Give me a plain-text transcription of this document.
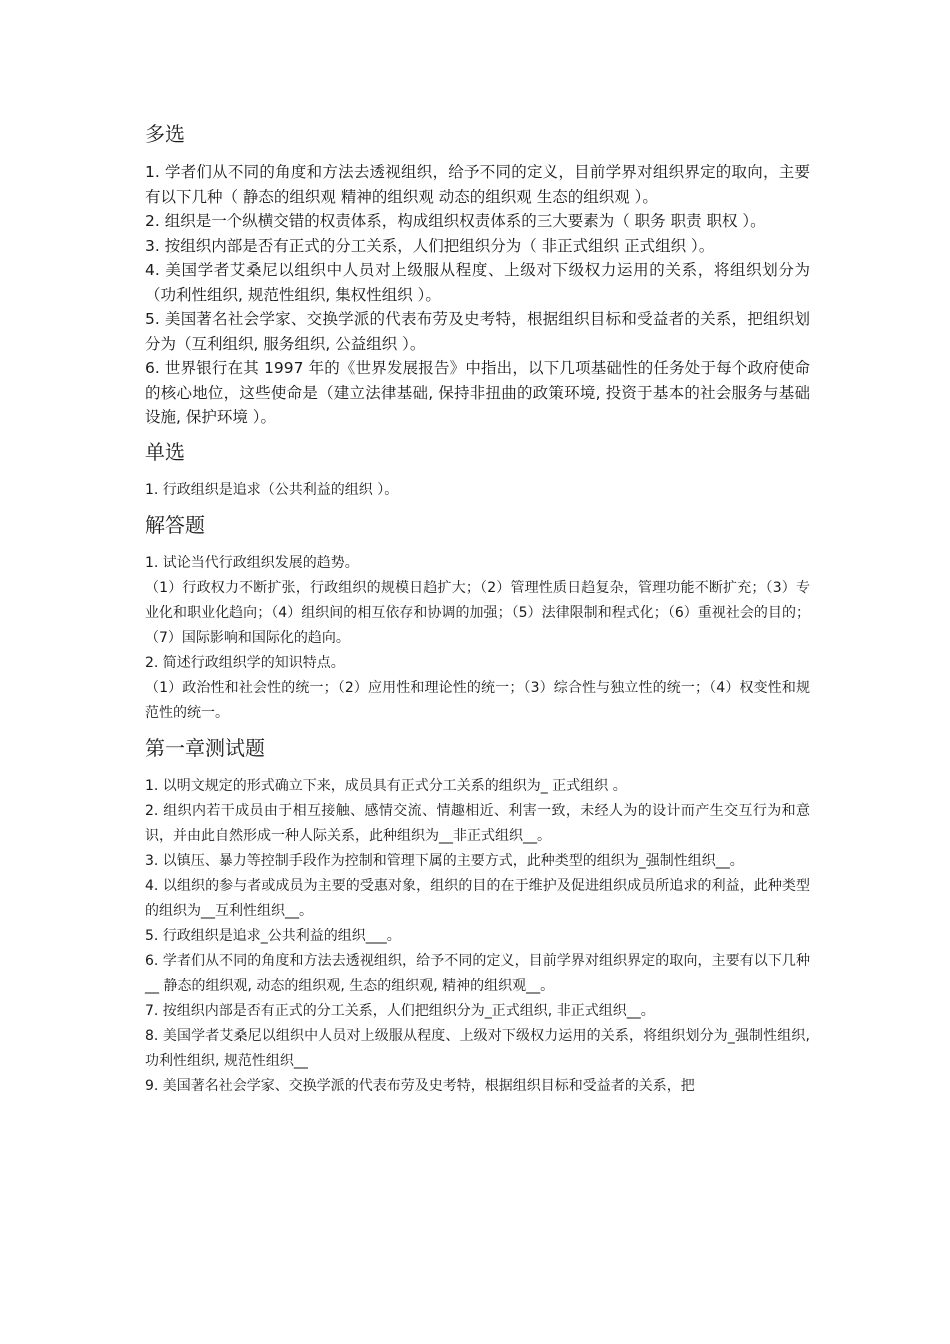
多选

1. 学者们从不同的角度和方法去透视组织，给予不同的定义，目前学界对组织界定的取向，主要有以下几种（ 静态的组织观 精神的组织观 动态的组织观 生态的组织观 ）。

2. 组织是一个纵横交错的权责体系，构成组织权责体系的三大要素为（ 职务 职责 职权 ）。

3. 按组织内部是否有正式的分工关系，人们把组织分为（ 非正式组织 正式组织 ）。

4. 美国学者艾桑尼以组织中人员对上级服从程度、上级对下级权力运用的关系，将组织划分为（功利性组织, 规范性组织, 集权性组织 ）。

5. 美国著名社会学家、交换学派的代表布劳及史考特，根据组织目标和受益者的关系，把组织划分为（互利组织, 服务组织, 公益组织 ）。

6. 世界银行在其 1997 年的《世界发展报告》中指出，以下几项基础性的任务处于每个政府使命的核心地位，这些使命是（建立法律基础, 保持非扭曲的政策环境, 投资于基本的社会服务与基础设施, 保护环境 ）。

单选

1. 行政组织是追求（公共利益的组织 ）。

解答题

1. 试论当代行政组织发展的趋势。

（1）行政权力不断扩张，行政组织的规模日趋扩大；（2）管理性质日趋复杂，管理功能不断扩充；（3）专业化和职业化趋向；（4）组织间的相互依存和协调的加强；（5）法律限制和程式化；（6）重视社会的目的；（7）国际影响和国际化的趋向。

2. 简述行政组织学的知识特点。

（1）政治性和社会性的统一；（2）应用性和理论性的统一；（3）综合性与独立性的统一；（4）权变性和规范性的统一。

第一章测试题

1. 以明文规定的形式确立下来，成员具有正式分工关系的组织为_ 正式组织 。

2. 组织内若干成员由于相互接触、感情交流、情趣相近、利害一致，未经人为的设计而产生交互行为和意识，并由此自然形成一种人际关系，此种组织为__非正式组织__。

3. 以镇压、暴力等控制手段作为控制和管理下属的主要方式，此种类型的组织为_强制性组织__。

4. 以组织的参与者或成员为主要的受惠对象，组织的目的在于维护及促进组织成员所追求的利益，此种类型的组织为__互利性组织__。

5. 行政组织是追求_公共利益的组织___。

6. 学者们从不同的角度和方法去透视组织，给予不同的定义，目前学界对组织界定的取向，主要有以下几种__ 静态的组织观, 动态的组织观, 生态的组织观, 精神的组织观__。

7. 按组织内部是否有正式的分工关系，人们把组织分为_正式组织, 非正式组织__。

8. 美国学者艾桑尼以组织中人员对上级服从程度、上级对下级权力运用的关系，将组织划分为_强制性组织, 功利性组织, 规范性组织__

9. 美国著名社会学家、交换学派的代表布劳及史考特，根据组织目标和受益者的关系，把
